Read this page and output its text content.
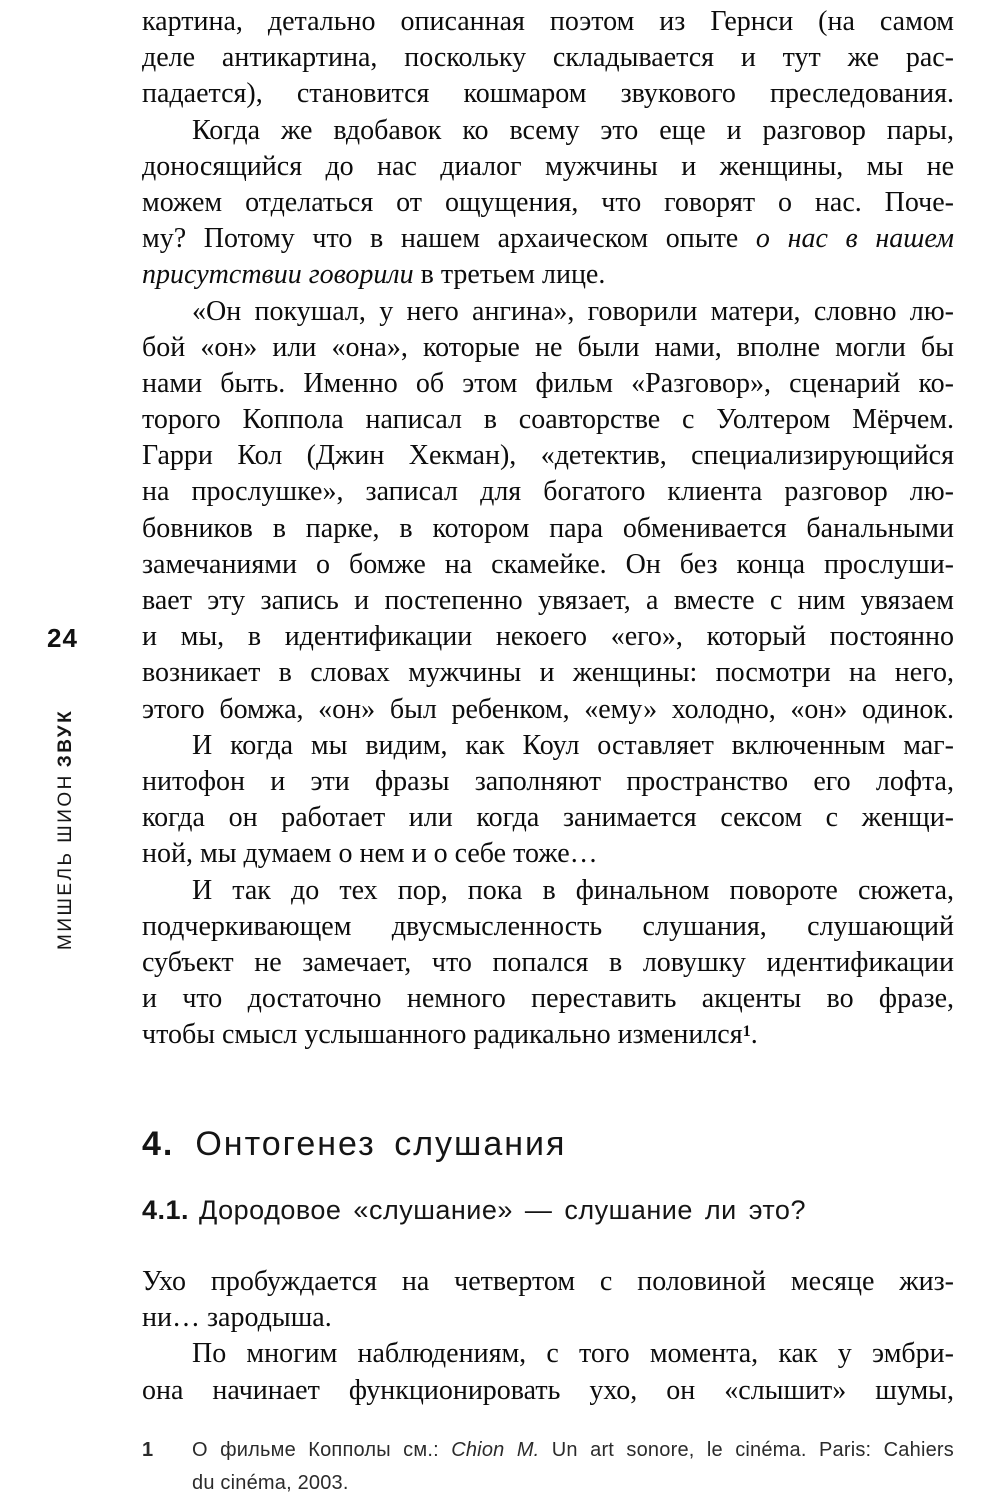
24
МИШЕЛЬ ШИОНЗВУК
картина, детально описанная поэтом из Гернси (на самом
деле антикартина, поскольку складывается и тут же рас-
падается), становится кошмаром звукового преследования.
Когда же вдобавок ко всему это еще и разговор пары,
доносящийся до нас диалог мужчины и женщины, мы не
можем отделаться от ощущения, что говорят о нас. Поче-
му? Потому что в нашем архаическом опыте о нас в нашем
присутствии говорили в третьем лице.
«Он покушал, у него ангина», говорили матери, словно лю-
бой «он» или «она», которые не были нами, вполне могли бы
нами быть. Именно об этом фильм «Разговор», сценарий ко-
торого Коппола написал в соавторстве с Уолтером Мёрчем.
Гарри Кол (Джин Хекман), «детектив, специализирующийся
на прослушке», записал для богатого клиента разговор лю-
бовников в парке, в котором пара обменивается банальными
замечаниями о бомже на скамейке. Он без конца прослуши-
вает эту запись и постепенно увязает, а вместе с ним увязаем
и мы, в идентификации некоего «его», который постоянно
возникает в словах мужчины и женщины: посмотри на него,
этого бомжа, «он» был ребенком, «ему» холодно, «он» одинок.
И когда мы видим, как Коул оставляет включенным маг-
нитофон и эти фразы заполняют пространство его лофта,
когда он работает или когда занимается сексом с женщи-
ной, мы думаем о нем и о себе тоже…
И так до тех пор, пока в финальном повороте сюжета,
подчеркивающем двусмысленность слушания, слушающий
субъект не замечает, что попался в ловушку идентификации
и что достаточно немного переставить акценты во фразе,
чтобы смысл услышанного радикально изменился$^1$.
4. Онтогенез слушания
4.1. Дородовое «слушание» — слушание ли это?
Ухо пробуждается на четвертом с половиной месяце жиз-
ни… зародыша.
По многим наблюдениям, с того момента, как у эмбри-
она начинает функционировать ухо, он «слышит» шумы,
1 О фильме Копполы см.: Chion M. Un art sonore, le cinéma. Paris: Cahiers
du cinéma, 2003.
